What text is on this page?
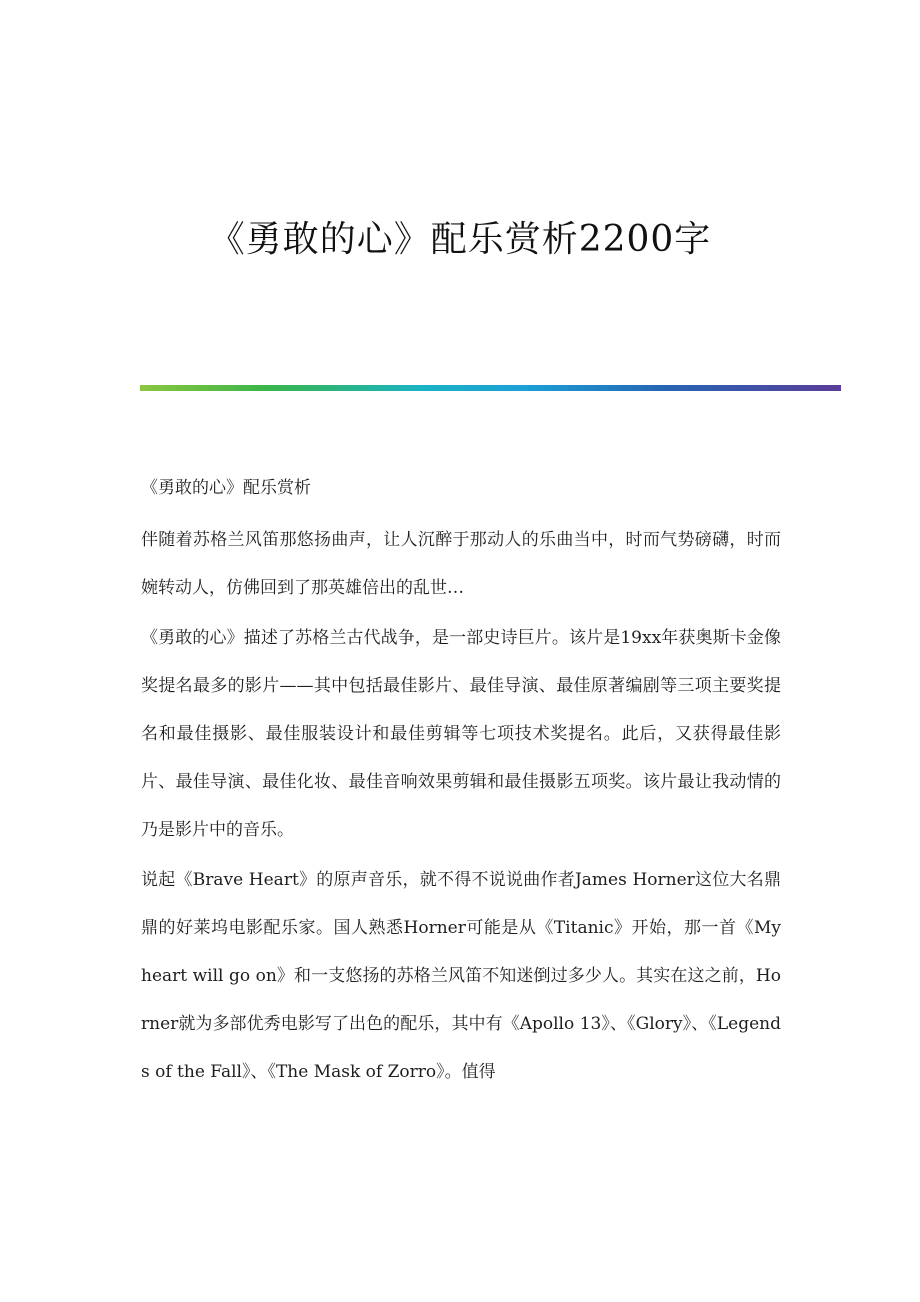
《勇敢的心》配乐赏析2200字

《勇敢的心》配乐赏析

伴随着苏格兰风笛那悠扬曲声，让人沉醉于那动人的乐曲当中，时而气势磅礴，时而婉转动人，仿佛回到了那英雄倍出的乱世…

《勇敢的心》描述了苏格兰古代战争，是一部史诗巨片。该片是19xx年获奥斯卡金像奖提名最多的影片——其中包括最佳影片、最佳导演、最佳原著编剧等三项主要奖提名和最佳摄影、最佳服装设计和最佳剪辑等七项技术奖提名。此后，又获得最佳影片、最佳导演、最佳化妆、最佳音响效果剪辑和最佳摄影五项奖。该片最让我动情的乃是影片中的音乐。

说起《Brave Heart》的原声音乐，就不得不说说曲作者James Horner这位大名鼎鼎的好莱坞电影配乐家。国人熟悉Horner可能是从《Titanic》开始，那一首《My heart will go on》和一支悠扬的苏格兰风笛不知迷倒过多少人。其实在这之前，Horner就为多部优秀电影写了出色的配乐，其中有《Apollo 13》、《Glory》、《Legends of the Fall》、《The Mask of Zorro》。值得
